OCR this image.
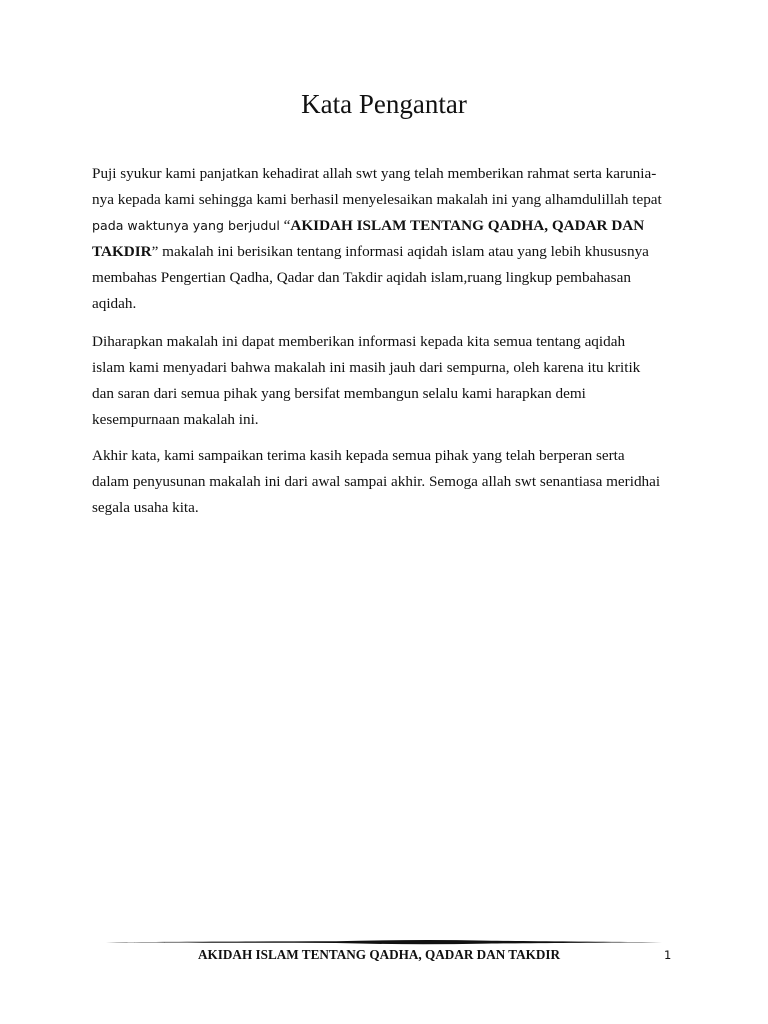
Kata Pengantar
Puji syukur kami panjatkan kehadirat allah swt yang telah memberikan rahmat serta karunia-
nya kepada kami sehingga kami berhasil menyelesaikan makalah ini yang alhamdulillah tepat
pada waktunya yang berjudul “AKIDAH ISLAM TENTANG QADHA, QADAR DAN
TAKDIR” makalah ini berisikan tentang informasi aqidah islam atau yang lebih khususnya
membahas Pengertian Qadha, Qadar dan Takdir aqidah islam,ruang lingkup pembahasan
aqidah.
Diharapkan makalah ini dapat memberikan informasi kepada kita semua tentang aqidah
islam kami menyadari bahwa makalah ini masih jauh dari sempurna, oleh karena itu kritik
dan saran dari semua pihak yang bersifat membangun selalu kami harapkan demi
kesempurnaan makalah ini.
Akhir kata, kami sampaikan terima kasih kepada semua pihak yang telah berperan serta
dalam penyusunan makalah ini dari awal sampai akhir. Semoga allah swt senantiasa meridhai
segala usaha kita.
AKIDAH ISLAM TENTANG QADHA, QADAR DAN TAKDIR	1
